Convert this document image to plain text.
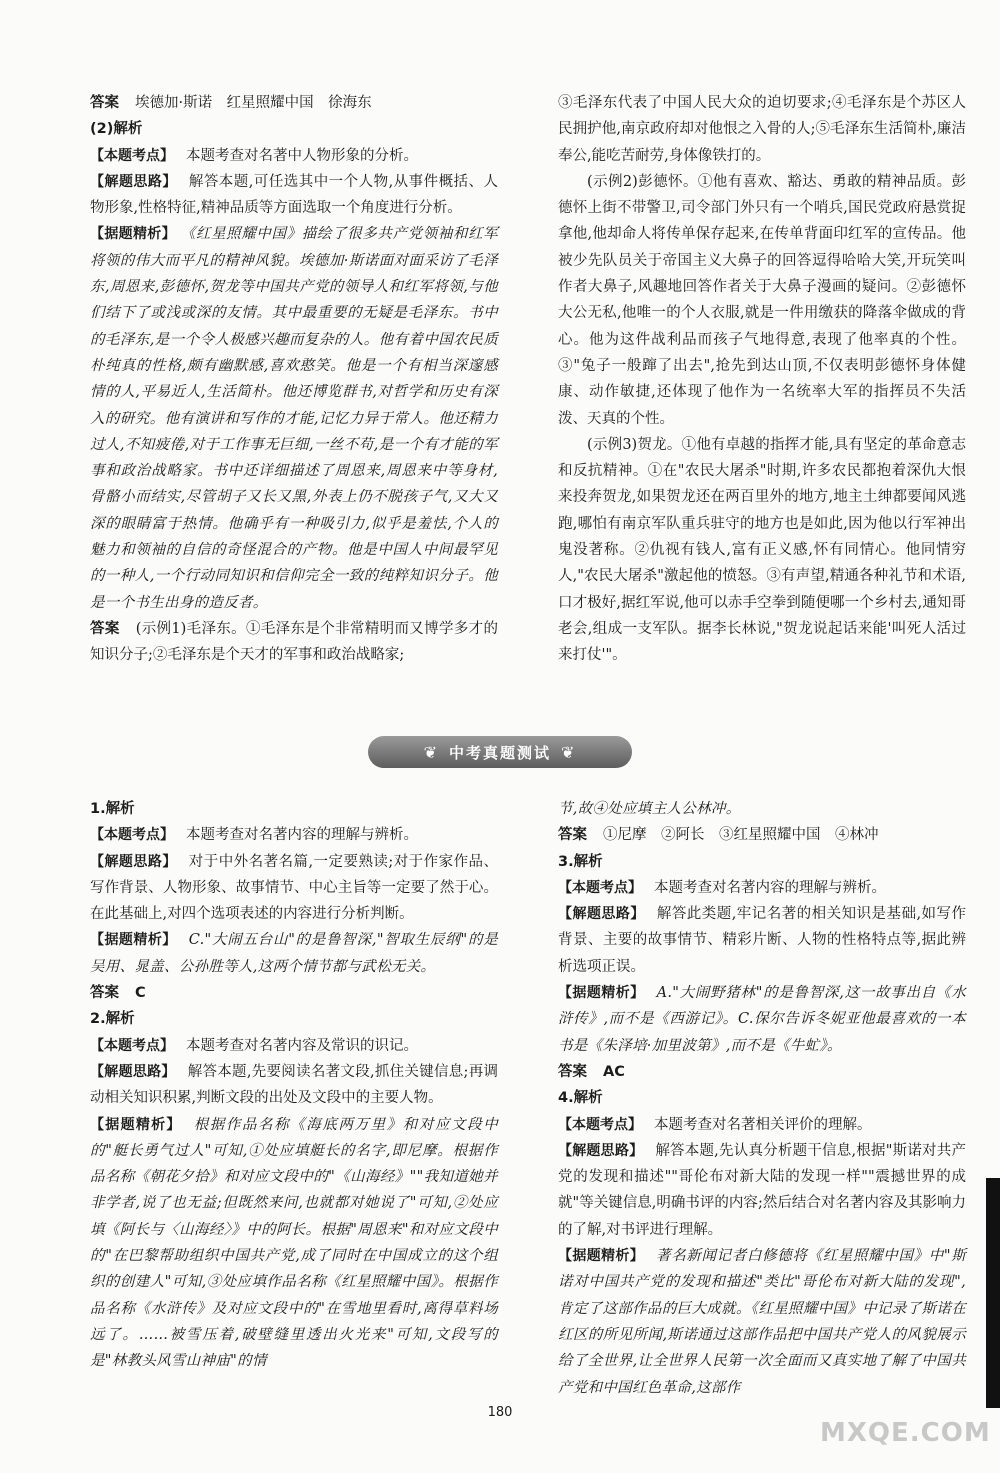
答案 埃德加·斯诺　红星照耀中国　徐海东

(2)解析

【本题考点】 本题考查对名著中人物形象的分析。

【解题思路】 解答本题,可任选其中一个人物,从事件概括、人物形象,性格特征,精神品质等方面选取一个角度进行分析。

【据题精析】 《红星照耀中国》描绘了很多共产党领袖和红军将领的伟大而平凡的精神风貌。埃德加·斯诺面对面采访了毛泽东,周恩来,彭德怀,贺龙等中国共产党的领导人和红军将领,与他们结下了或浅或深的友情。其中最重要的无疑是毛泽东。书中的毛泽东,是一个令人极感兴趣而复杂的人。他有着中国农民质朴纯真的性格,颇有幽默感,喜欢憨笑。他是一个有相当深邃感情的人,平易近人,生活简朴。他还博览群书,对哲学和历史有深入的研究。他有演讲和写作的才能,记忆力异于常人。他还精力过人,不知疲倦,对于工作事无巨细,一丝不苟,是一个有才能的军事和政治战略家。书中还详细描述了周恩来,周恩来中等身材,骨骼小而结实,尽管胡子又长又黑,外表上仍不脱孩子气,又大又深的眼睛富于热情。他确乎有一种吸引力,似乎是羞怯,个人的魅力和领袖的自信的奇怪混合的产物。他是中国人中间最罕见的一种人,一个行动同知识和信仰完全一致的纯粹知识分子。他是一个书生出身的造反者。

答案 (示例1)毛泽东。①毛泽东是个非常精明而又博学多才的知识分子;②毛泽东是个天才的军事和政治战略家;

③毛泽东代表了中国人民大众的迫切要求;④毛泽东是个苏区人民拥护他,南京政府却对他恨之入骨的人;⑤毛泽东生活简朴,廉洁奉公,能吃苦耐劳,身体像铁打的。

(示例2)彭德怀。①他有喜欢、豁达、勇敢的精神品质。彭德怀上街不带警卫,司令部门外只有一个哨兵,国民党政府悬赏捉拿他,他却命人将传单保存起来,在传单背面印红军的宣传品。他被少先队员关于帝国主义大鼻子的回答逗得哈哈大笑,开玩笑叫作者大鼻子,风趣地回答作者关于大鼻子漫画的疑问。②彭德怀大公无私,他唯一的个人衣服,就是一件用缴获的降落伞做成的背心。他为这件战利品而孩子气地得意,表现了他率真的个性。③"兔子一般蹿了出去",抢先到达山顶,不仅表明彭德怀身体健康、动作敏捷,还体现了他作为一名统率大军的指挥员不失活泼、天真的个性。

(示例3)贺龙。①他有卓越的指挥才能,具有坚定的革命意志和反抗精神。①在"农民大屠杀"时期,许多农民都抱着深仇大恨来投奔贺龙,如果贺龙还在两百里外的地方,地主土绅都要闻风逃跑,哪怕有南京军队重兵驻守的地方也是如此,因为他以行军神出鬼没著称。②仇视有钱人,富有正义感,怀有同情心。他同情穷人,"农民大屠杀"激起他的愤怒。③有声望,精通各种礼节和术语,口才极好,据红军说,他可以赤手空拳到随便哪一个乡村去,通知哥老会,组成一支军队。据李长林说,"贺龙说起话来能'叫死人活过来打仗'"。

❦ 中考真题测试 ❦

1.解析

【本题考点】 本题考查对名著内容的理解与辨析。

【解题思路】 对于中外名著名篇,一定要熟读;对于作家作品、写作背景、人物形象、故事情节、中心主旨等一定要了然于心。在此基础上,对四个选项表述的内容进行分析判断。

【据题精析】 C."大闹五台山"的是鲁智深,"智取生辰纲"的是吴用、晁盖、公孙胜等人,这两个情节都与武松无关。

答案 C

2.解析

【本题考点】 本题考查对名著内容及常识的识记。

【解题思路】 解答本题,先要阅读名著文段,抓住关键信息;再调动相关知识积累,判断文段的出处及文段中的主要人物。

【据题精析】 根据作品名称《海底两万里》和对应文段中的"艇长勇气过人"可知,①处应填艇长的名字,即尼摩。根据作品名称《朝花夕拾》和对应文段中的"《山海经》""我知道她并非学者,说了也无益;但既然来问,也就都对她说了"可知,②处应填《阿长与〈山海经〉》中的阿长。根据"周恩来"和对应文段中的"在巴黎帮助组织中国共产党,成了同时在中国成立的这个组织的创建人"可知,③处应填作品名称《红星照耀中国》。根据作品名称《水浒传》及对应文段中的"在雪地里看时,离得草料场远了。……被雪压着,破壁缝里透出火光来"可知,文段写的是"林教头风雪山神庙"的情

节,故④处应填主人公林冲。

答案 ①尼摩　②阿长　③红星照耀中国　④林冲

3.解析

【本题考点】 本题考查对名著内容的理解与辨析。

【解题思路】 解答此类题,牢记名著的相关知识是基础,如写作背景、主要的故事情节、精彩片断、人物的性格特点等,据此辨析选项正误。

【据题精析】 A."大闹野猪林"的是鲁智深,这一故事出自《水浒传》,而不是《西游记》。C.保尔告诉冬妮亚他最喜欢的一本书是《朱泽培·加里波第》,而不是《牛虻》。

答案 AC

4.解析

【本题考点】 本题考查对名著相关评价的理解。

【解题思路】 解答本题,先认真分析题干信息,根据"斯诺对共产党的发现和描述""哥伦布对新大陆的发现一样""震撼世界的成就"等关键信息,明确书评的内容;然后结合对名著内容及其影响力的了解,对书评进行理解。

【据题精析】 著名新闻记者白修德将《红星照耀中国》中"斯诺对中国共产党的发现和描述"类比"哥伦布对新大陆的发现",肯定了这部作品的巨大成就。《红星照耀中国》中记录了斯诺在红区的所见所闻,斯诺通过这部作品把中国共产党人的风貌展示给了全世界,让全世界人民第一次全面而又真实地了解了中国共产党和中国红色革命,这部作

180
MXQE.COM
